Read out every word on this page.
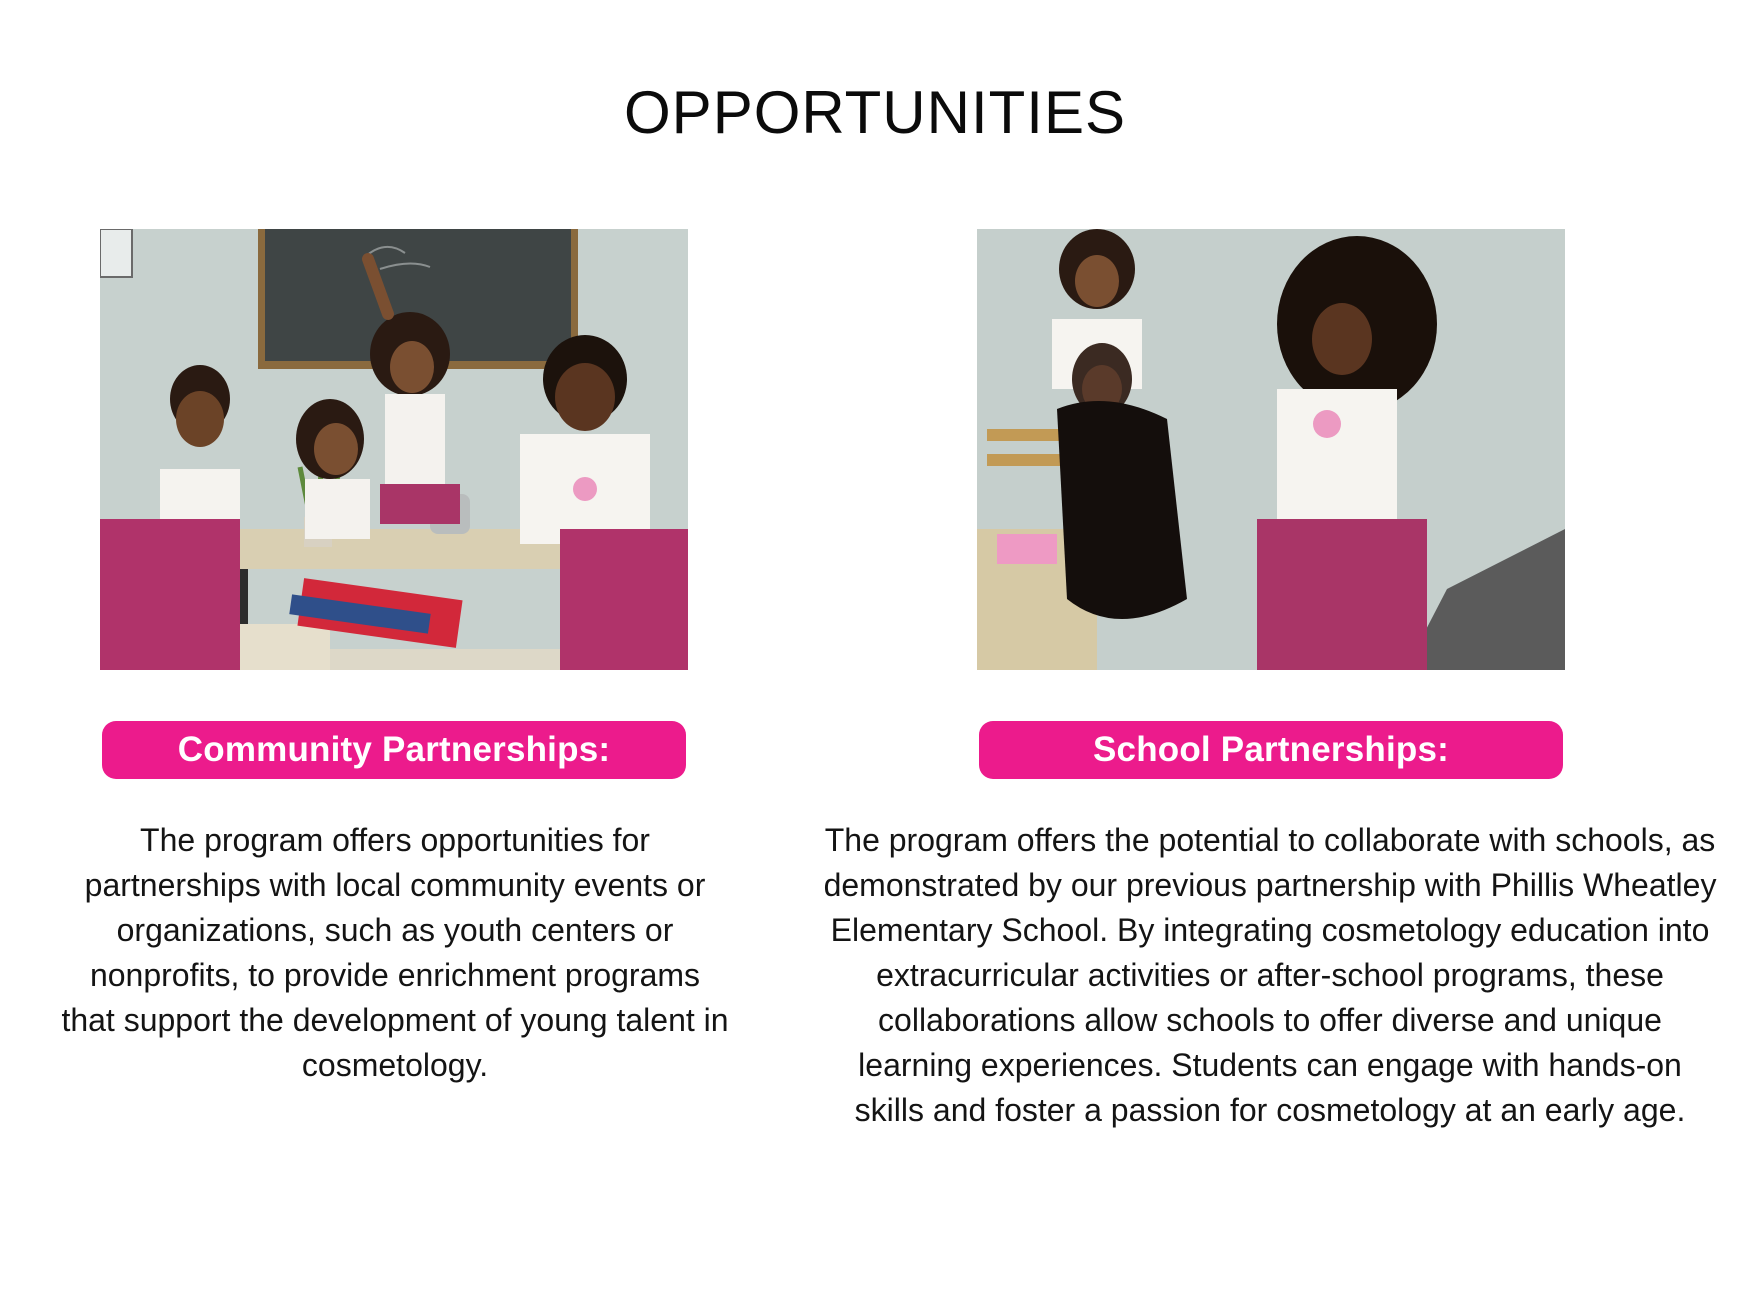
OPPORTUNITIES
Community Partnerships:

The program offers opportunities for partnerships with local community events or organizations, such as youth centers or nonprofits, to provide enrichment programs that support the development of young talent in cosmetology.

School Partnerships:

The program offers the potential to collaborate with schools, as demonstrated by our previous partnership with Phillis Wheatley Elementary School. By integrating cosmetology education into extracurricular activities or after-school programs, these collaborations allow schools to offer diverse and unique learning experiences. Students can engage with hands-on skills and foster a passion for cosmetology at an early age.
